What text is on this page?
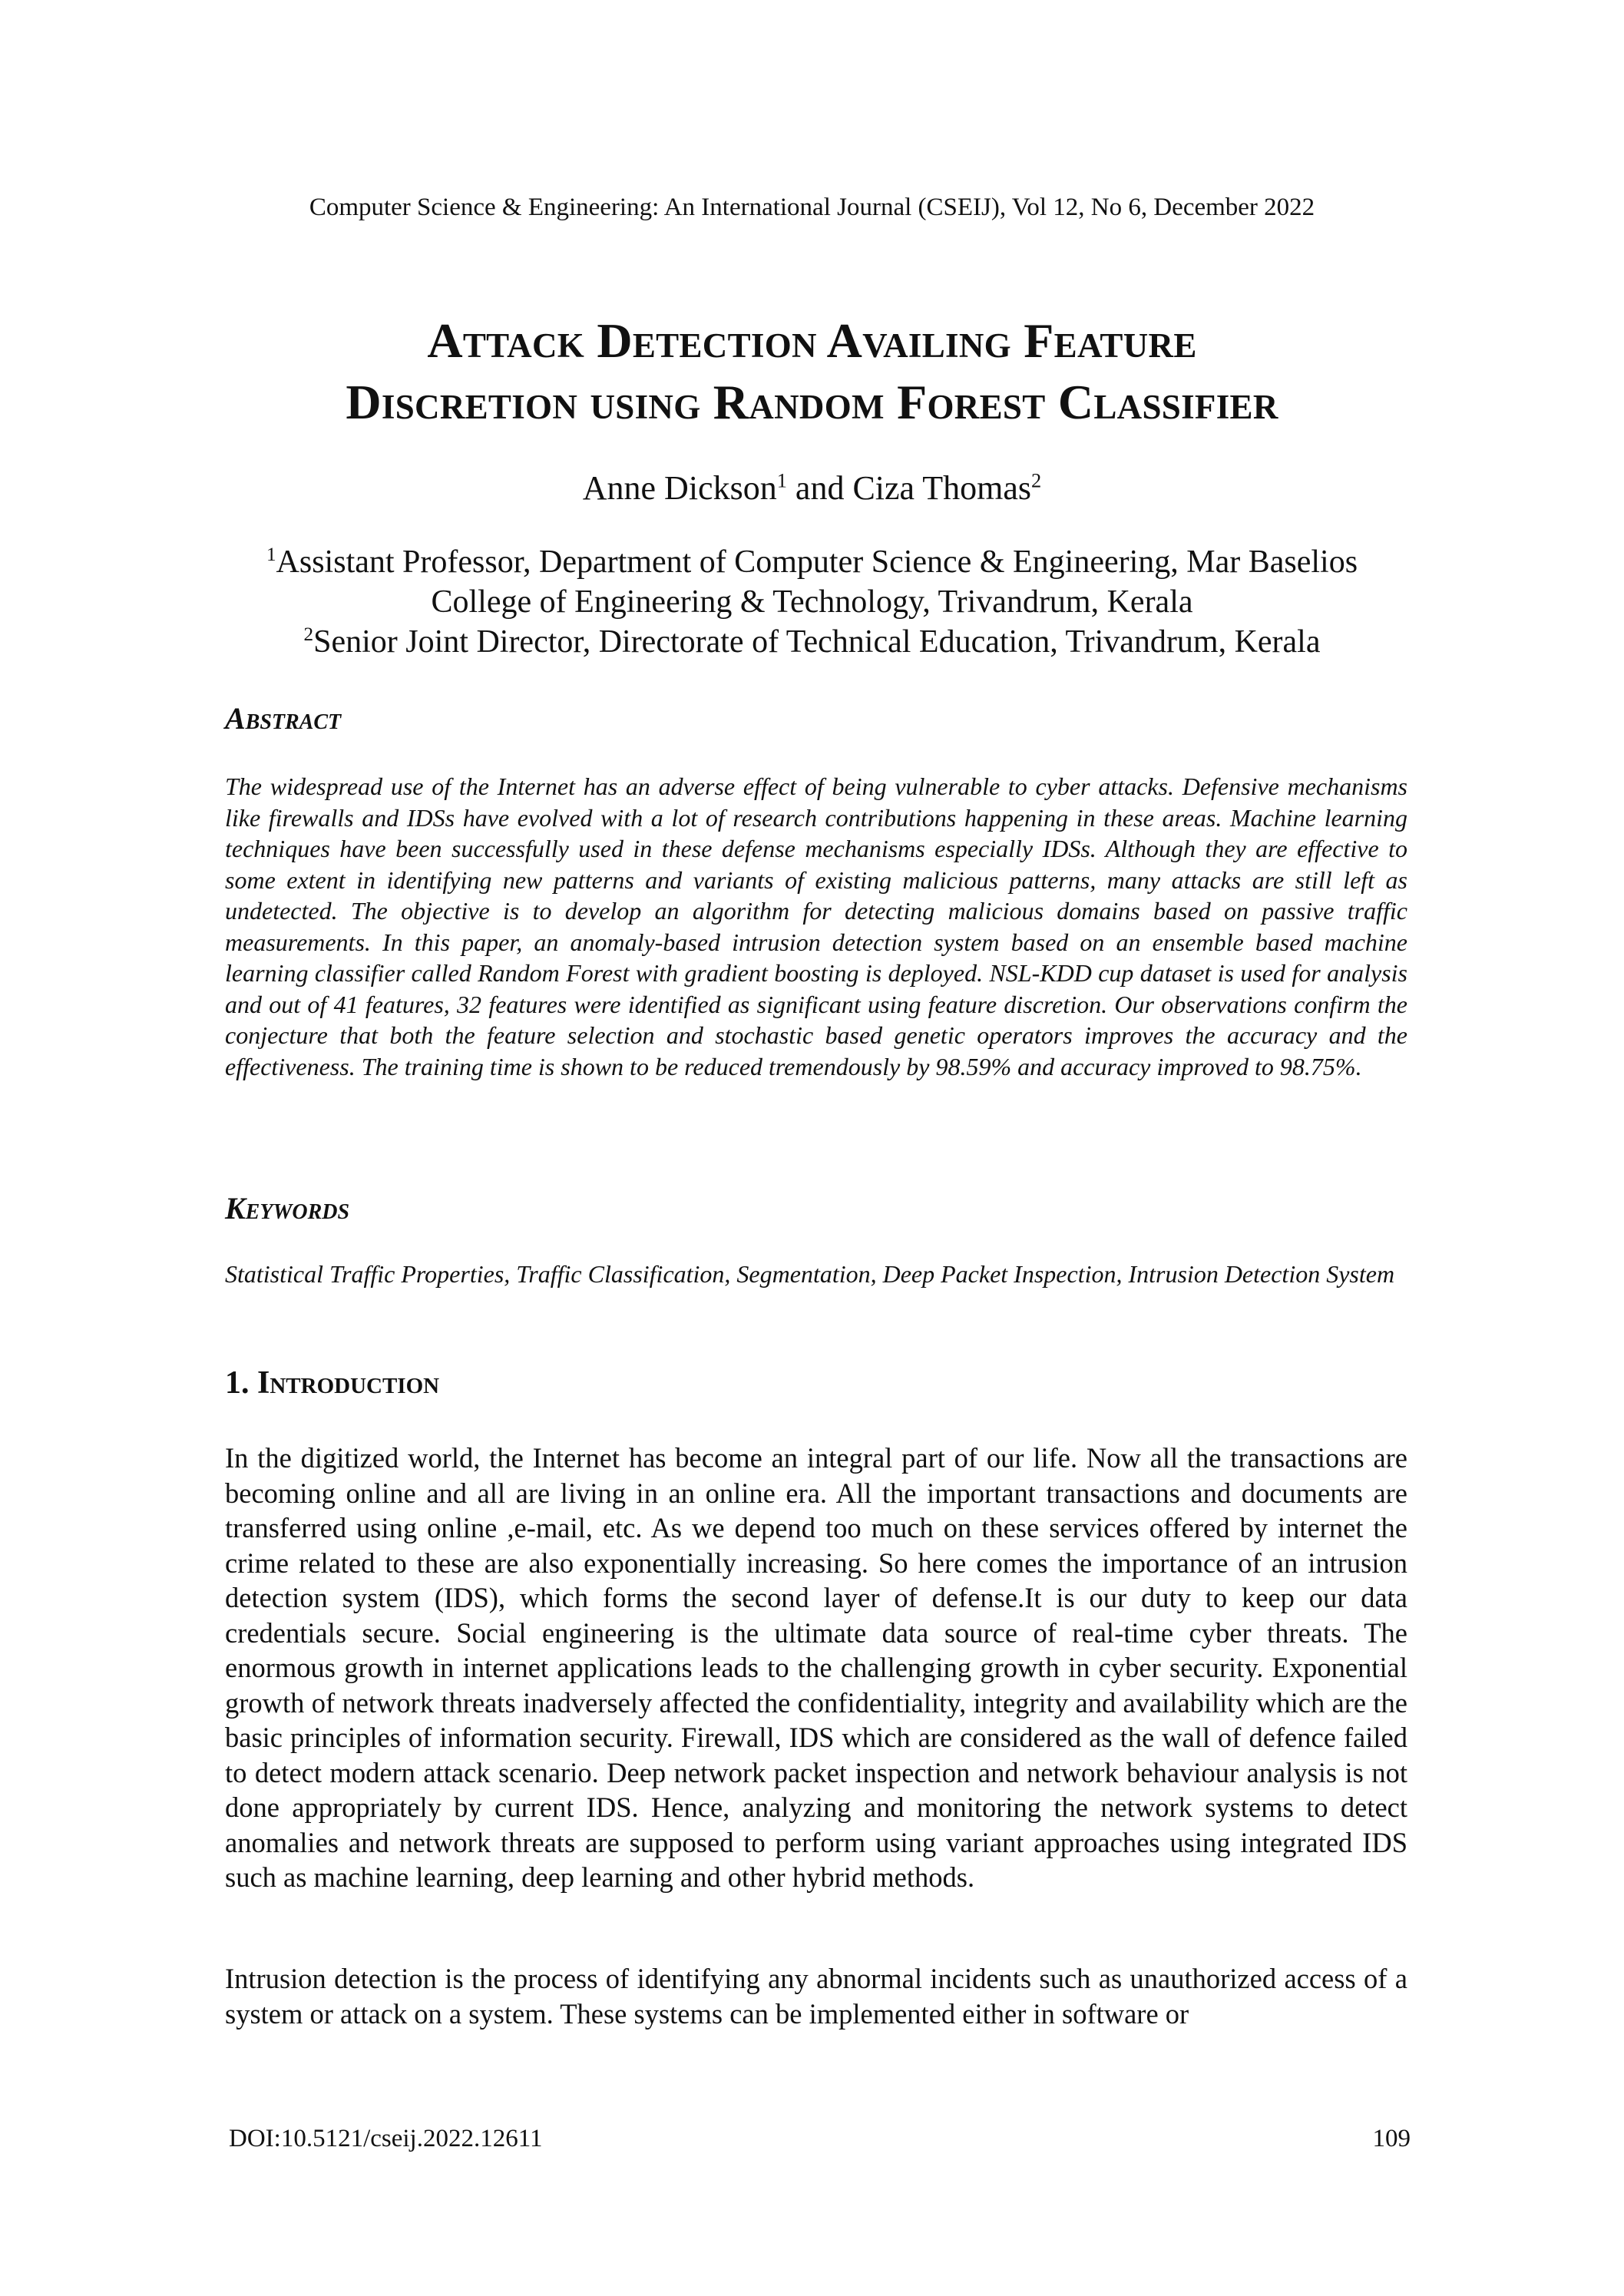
Computer Science & Engineering: An International Journal (CSEIJ), Vol 12, No 6, December 2022
Attack Detection Availing Feature
Discretion using Random Forest Classifier
Anne Dickson$^1$ and Ciza Thomas$^2$
$^1$Assistant Professor, Department of Computer Science & Engineering, Mar Baselios
College of Engineering & Technology, Trivandrum, Kerala
$^2$Senior Joint Director, Directorate of Technical Education, Trivandrum, Kerala
Abstract
The widespread use of the Internet has an adverse effect of being vulnerable to cyber attacks. Defensive mechanisms like firewalls and IDSs have evolved with a lot of research contributions happening in these areas. Machine learning techniques have been successfully used in these defense mechanisms especially IDSs. Although they are effective to some extent in identifying new patterns and variants of existing malicious patterns, many attacks are still left as undetected. The objective is to develop an algorithm for detecting malicious domains based on passive traffic measurements. In this paper, an anomaly-based intrusion detection system based on an ensemble based machine learning classifier called Random Forest with gradient boosting is deployed. NSL-KDD cup dataset is used for analysis and out of 41 features, 32 features were identified as significant using feature discretion. Our observations confirm the conjecture that both the feature selection and stochastic based genetic operators improves the accuracy and the effectiveness. The training time is shown to be reduced tremendously by 98.59% and accuracy improved to 98.75%.
Keywords
Statistical Traffic Properties, Traffic Classification, Segmentation, Deep Packet Inspection, Intrusion Detection System
1. Introduction
In the digitized world, the Internet has become an integral part of our life. Now all the transactions are becoming online and all are living in an online era. All the important transactions and documents are transferred using online ,e-mail, etc. As we depend too much on these services offered by internet the crime related to these are also exponentially increasing. So here comes the importance of an intrusion detection system (IDS), which forms the second layer of defense.It is our duty to keep our data credentials secure. Social engineering is the ultimate data source of real-time cyber threats. The enormous growth in internet applications leads to the challenging growth in cyber security. Exponential growth of network threats inadversely affected the confidentiality, integrity and availability which are the basic principles of information security. Firewall, IDS which are considered as the wall of defence failed to detect modern attack scenario. Deep network packet inspection and network behaviour analysis is not done appropriately by current IDS. Hence, analyzing and monitoring the network systems to detect anomalies and network threats are supposed to perform using variant approaches using integrated IDS such as machine learning, deep learning and other hybrid methods.
Intrusion detection is the process of identifying any abnormal incidents such as unauthorized access of a system or attack on a system. These systems can be implemented either in software or
DOI:10.5121/cseij.2022.12611	109
